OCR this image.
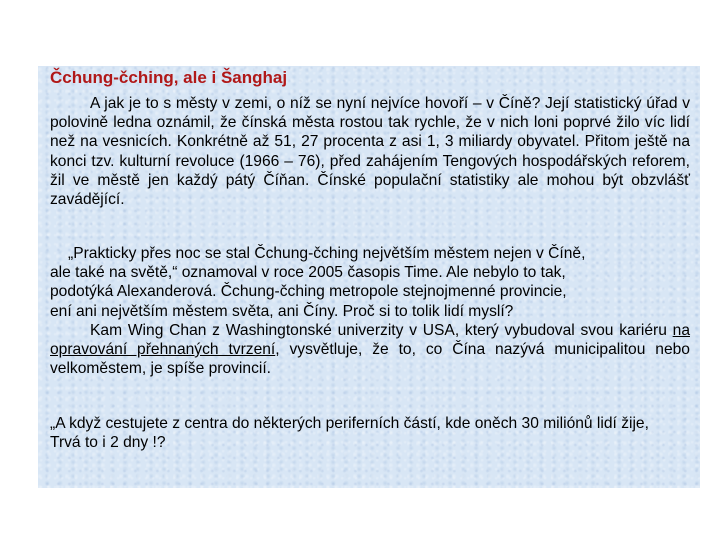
Čchung-čching, ale i Šanghaj

A jak je to s městy v zemi, o níž se nyní nejvíce hovoří – v Číně? Její statistický úřad v polovině ledna oznámil, že čínská města rostou tak rychle, že v nich loni poprvé žilo víc lidí než na vesnicích. Konkrétně až 51, 27 procenta z asi 1, 3 miliardy obyvatel. Přitom ještě na konci tzv. kulturní revoluce (1966 – 76), před zahájením Tengových hospodářských reforem, žil ve městě jen každý pátý Číňan. Čínské populační statistiky ale mohou být obzvlášť zavádějící.

„Prakticky přes noc se stal Čchung-čching největším městem nejen v Číně,
ale také na světě,“ oznamoval v roce 2005 časopis Time. Ale nebylo to tak,
podotýká Alexanderová. Čchung-čching metropole stejnojmenné provincie,
ení ani největším městem světa, ani Číny. Proč si to tolik lidí myslí?
Kam Wing Chan z Washingtonské univerzity v USA, který vybudoval svou kariéru na opravování přehnaných tvrzení, vysvětluje, že to, co Čína nazývá municipalitou nebo velkoměstem, je spíše provincií.
„A když cestujete z centra do některých periferních částí, kde oněch 30 miliónů lidí žije,
Trvá to i 2 dny !?
